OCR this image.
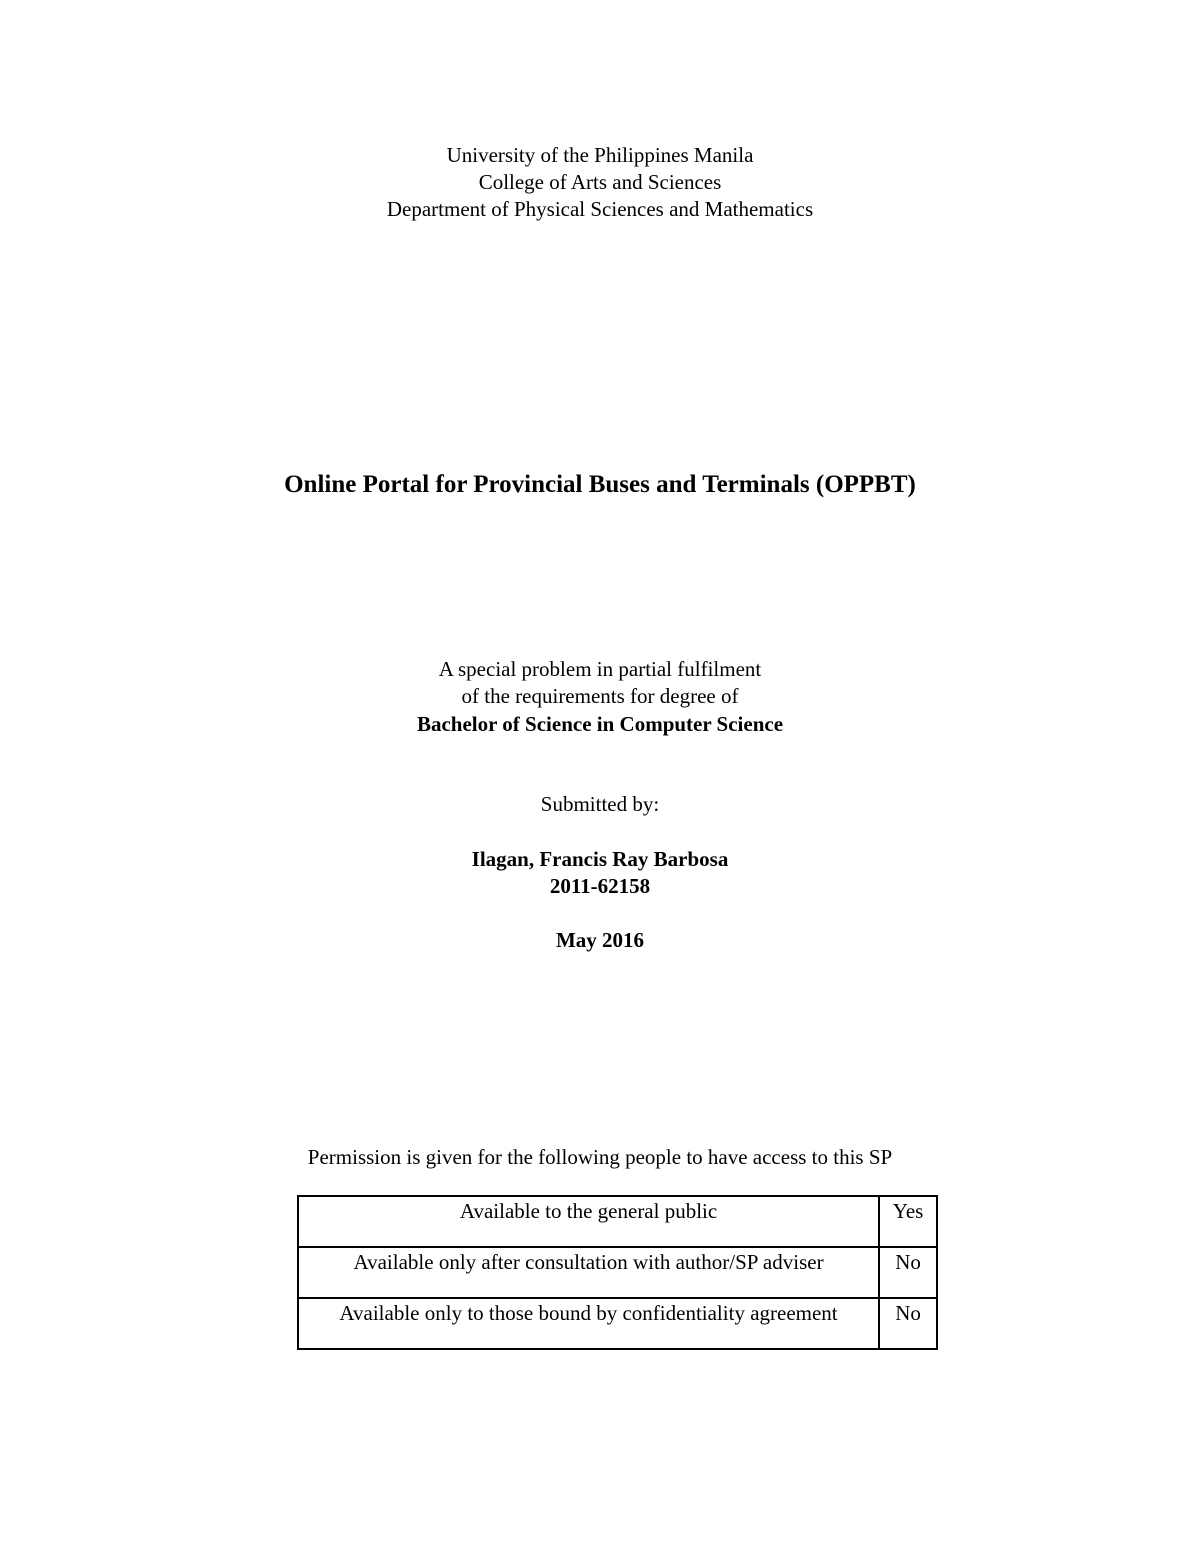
University of the Philippines Manila
College of Arts and Sciences
Department of Physical Sciences and Mathematics
Online Portal for Provincial Buses and Terminals (OPPBT)
A special problem in partial fulfilment
of the requirements for degree of
Bachelor of Science in Computer Science
Submitted by:
Ilagan, Francis Ray Barbosa
2011-62158
May 2016
Permission is given for the following people to have access to this SP
Available to the general public	Yes
Available only after consultation with author/SP adviser	No
Available only to those bound by confidentiality agreement	No
